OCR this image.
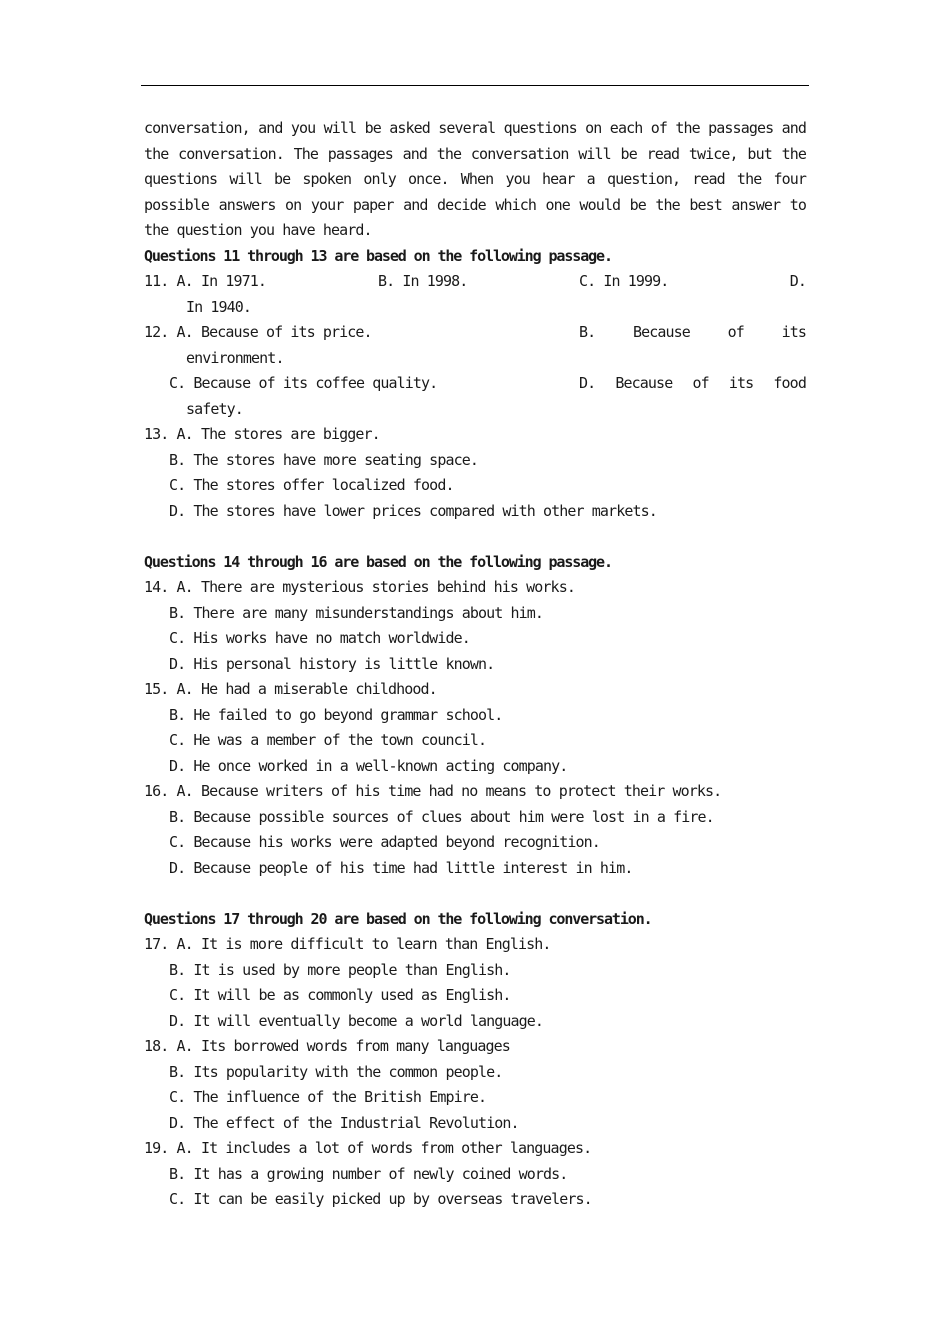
conversation, and you will be asked several questions on each of the passages and the conversation. The passages and the conversation will be read twice, but the questions will be spoken only once. When you hear a question, read the four possible answers on your paper and decide which one would be the best answer to the question you have heard.
Questions 11 through 13 are based on the following passage.
11. A. In 1971.	B. In 1998.	C. In 1999.	D.
In 1940.
12. A. Because of its price.	B.	Because	of	its
environment.
C. Because of its coffee quality.	D. Because of its food
safety.
13. A. The stores are bigger.
B. The stores have more seating space.
C. The stores offer localized food.
D. The stores have lower prices compared with other markets.
Questions 14 through 16 are based on the following passage.
14. A. There are mysterious stories behind his works.
B. There are many misunderstandings about him.
C. His works have no match worldwide.
D. His personal history is little known.
15. A. He had a miserable childhood.
B. He failed to go beyond grammar school.
C. He was a member of the town council.
D. He once worked in a well-known acting company.
16. A. Because writers of his time had no means to protect their works.
B. Because possible sources of clues about him were lost in a fire.
C. Because his works were adapted beyond recognition.
D. Because people of his time had little interest in him.
Questions 17 through 20 are based on the following conversation.
17. A. It is more difficult to learn than English.
B. It is used by more people than English.
C. It will be as commonly used as English.
D. It will eventually become a world language.
18. A. Its borrowed words from many languages
B. Its popularity with the common people.
C. The influence of the British Empire.
D. The effect of the Industrial Revolution.
19. A. It includes a lot of words from other languages.
B. It has a growing number of newly coined words.
C. It can be easily picked up by overseas travelers.
